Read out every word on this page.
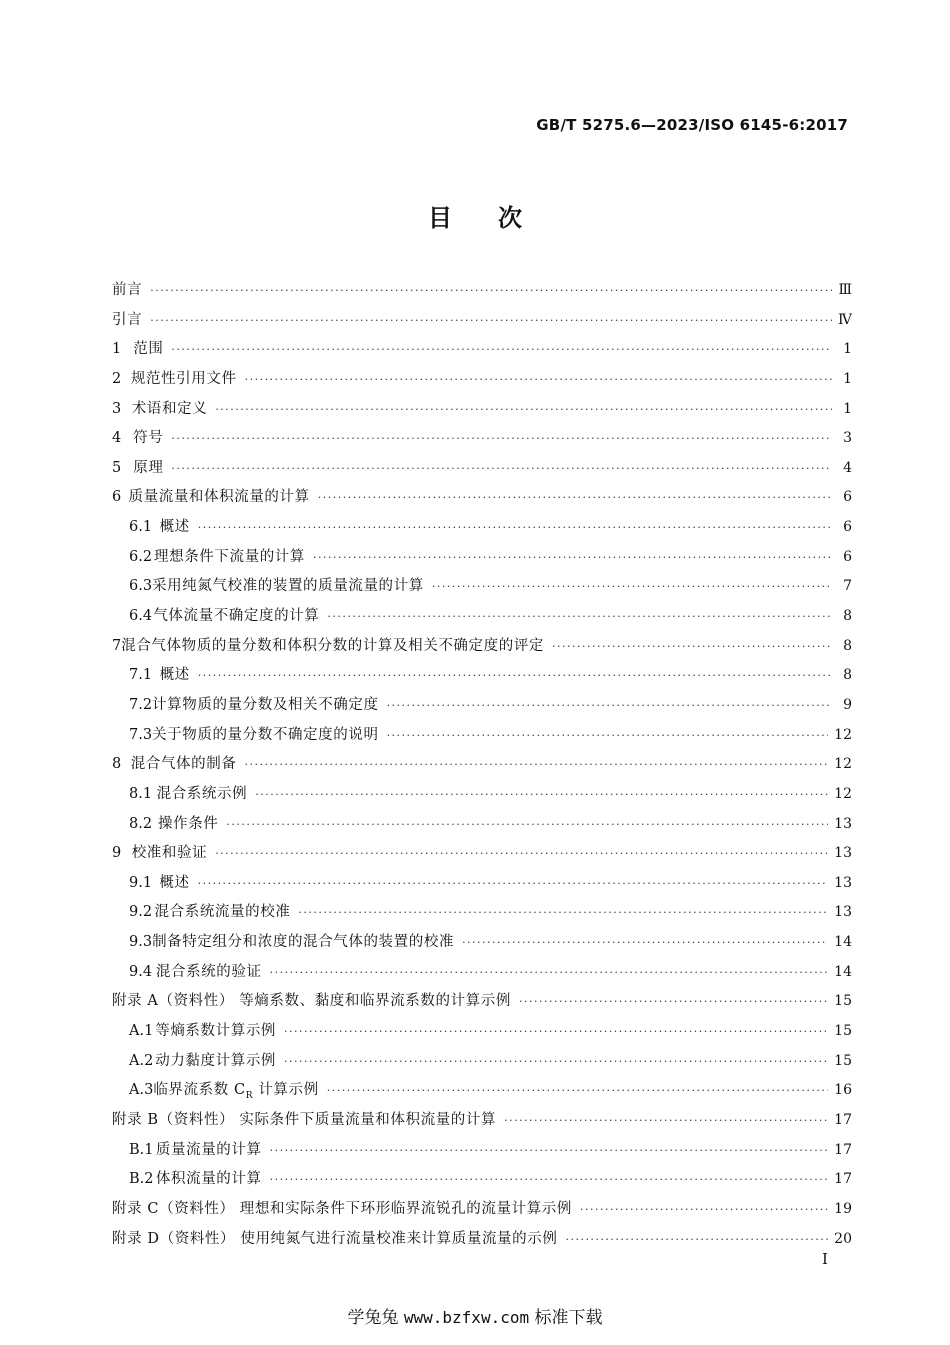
GB/T 5275.6—2023/ISO 6145-6:2017
目次
前言 ·····	Ⅲ
引言 ·····	Ⅳ
1 范围 ·····	1
2 规范性引用文件 ·····	1
3 术语和定义 ·····	1
4 符号 ·····	3
5 原理 ·····	4
6 质量流量和体积流量的计算 ·····	6
6.1 概述 ·····	6
6.2 理想条件下流量的计算 ·····	6
6.3 采用纯氮气校准的装置的质量流量的计算 ·····	7
6.4 气体流量不确定度的计算 ·····	8
7 混合气体物质的量分数和体积分数的计算及相关不确定度的评定 ·····	8
7.1 概述 ·····	8
7.2 计算物质的量分数及相关不确定度 ·····	9
7.3 关于物质的量分数不确定度的说明 ·····	12
8 混合气体的制备 ·····	12
8.1 混合系统示例 ·····	12
8.2 操作条件 ·····	13
9 校准和验证 ·····	13
9.1 概述 ·····	13
9.2 混合系统流量的校准 ·····	13
9.3 制备特定组分和浓度的混合气体的装置的校准 ·····	14
9.4 混合系统的验证 ·····	14
附录 A（资料性） 等熵系数、黏度和临界流系数的计算示例 ·····	15
A.1 等熵系数计算示例 ·····	15
A.2 动力黏度计算示例 ·····	15
A.3 临界流系数 $C_R$ 计算示例 ·····	16
附录 B（资料性） 实际条件下质量流量和体积流量的计算 ·····	17
B.1 质量流量的计算 ·····	17
B.2 体积流量的计算 ·····	17
附录 C（资料性） 理想和实际条件下环形临界流锐孔的流量计算示例 ·····	19
附录 D（资料性） 使用纯氮气进行流量校准来计算质量流量的示例 ·····	20
I
学兔兔 www.bzfxw.com 标准下载
